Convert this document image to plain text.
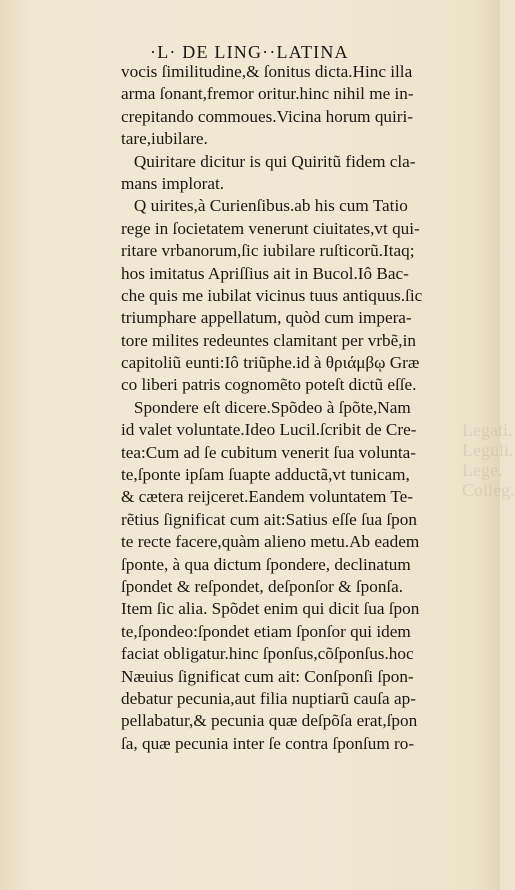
Legati. Leguli. Lege. Colleg.
·L· DE LING··LATINA
vocis ſimilitudine,& ſonitus dicta.Hinc illa
arma ſonant,fremor oritur.hinc nihil me in-
crepitando commoues.Vicina horum quiri-
tare,iubilare.
Quiritare dicitur is qui Quiritũ fidem cla-
mans implorat.
Q uirites,à Curienſibus.ab his cum Tatio
rege in ſocietatem venerunt ciuitates,vt qui-
ritare vrbanorum,ſic iubilare ruſticorũ.Itaq;
hos imitatus Apriſſius ait in Bucol.Iô Bac-
che quis me iubilat vicinus tuus antiquus.ſic
triumphare appellatum, quòd cum impera-
tore milites redeuntes clamitant per vrbẽ,in
capitoliũ eunti:Iô triũphe.id à θριάμβῳ Græ
co liberi patris cognomẽto poteſt dictũ eſſe.
Spondere eſt dicere.Spõdeo à ſpõte,Nam
id valet voluntate.Ideo Lucil.ſcribit de Cre-
tea:Cum ad ſe cubitum venerit ſua volunta-
te,ſponte ipſam ſuapte adductã,vt tunicam,
& cætera reijceret.Eandem voluntatem Te-
rẽtius ſignificat cum ait:Satius eſſe ſua ſpon
te recte facere,quàm alieno metu.Ab eadem
ſponte, à qua dictum ſpondere, declinatum
ſpondet & reſpondet, deſponſor & ſponſa.
Item ſic alia. Spõdet enim qui dicit ſua ſpon
te,ſpondeo:ſpondet etiam ſponſor qui idem
faciat obligatur.hinc ſponſus,cõſponſus.hoc
Næuius ſignificat cum ait: Conſponſi ſpon-
debatur pecunia,aut filia nuptiarũ cauſa ap-
pellabatur,& pecunia quæ deſpõſa erat,ſpon
ſa, quæ pecunia inter ſe contra ſponſum ro-
